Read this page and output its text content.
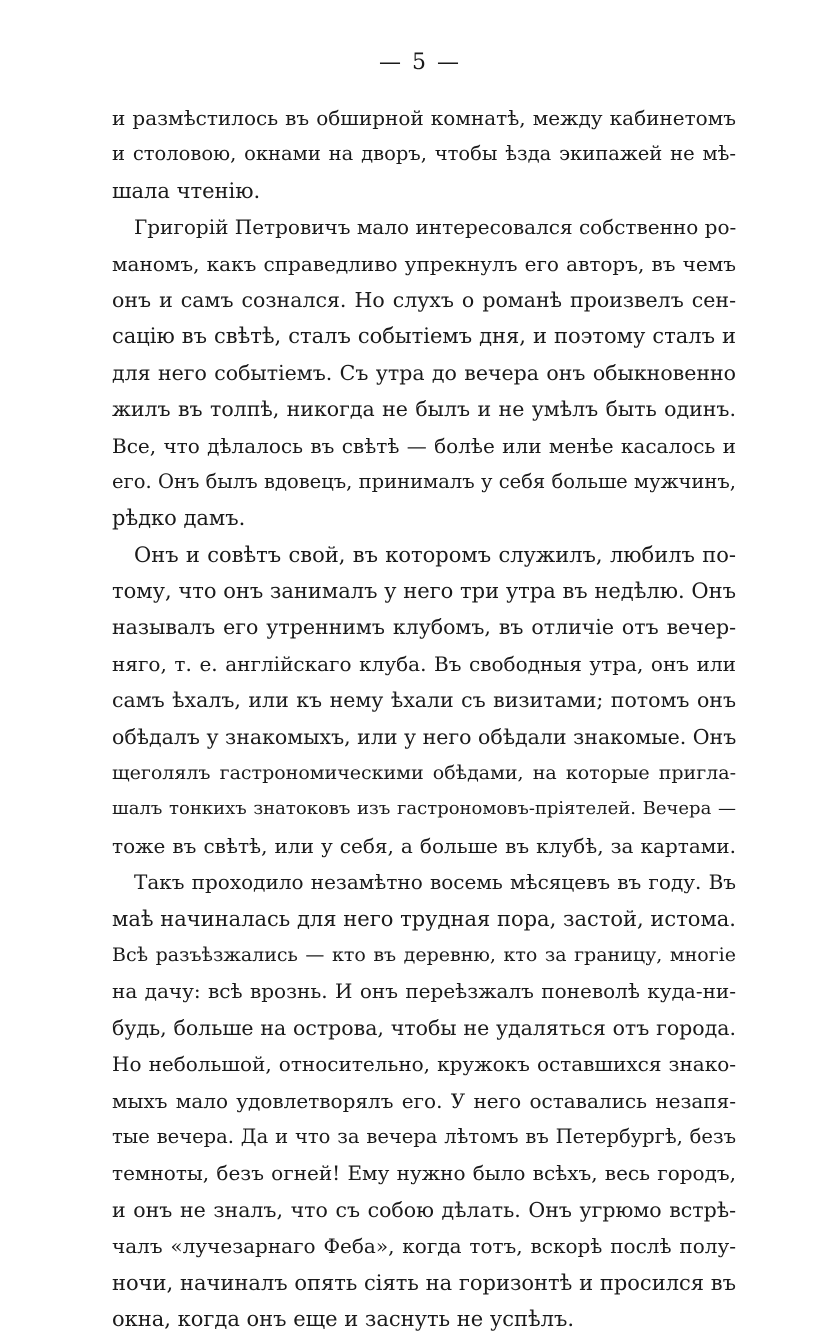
— 5 —
и размѣстилось въ обширной комнатѣ, между кабинетомъ
и столовою, окнами на дворъ, чтобы ѣзда экипажей не мѣ-
шала чтенію.
Григорій Петровичъ мало интересовался собственно ро-
маномъ, какъ справедливо упрекнулъ его авторъ, въ чемъ
онъ и самъ сознался. Но слухъ о романѣ произвелъ сен-
сацію въ свѣтѣ, сталъ событіемъ дня, и поэтому сталъ и
для него событіемъ. Съ утра до вечера онъ обыкновенно
жилъ въ толпѣ, никогда не былъ и не умѣлъ быть одинъ.
Все, что дѣлалось въ свѣтѣ — болѣе или менѣе касалось и
его. Онъ былъ вдовецъ, принималъ у себя больше мужчинъ,
рѣдко дамъ.
Онъ и совѣтъ свой, въ которомъ служилъ, любилъ по-
тому, что онъ занималъ у него три утра въ недѣлю. Онъ
называлъ его утреннимъ клубомъ, въ отличіе отъ вечер-
няго, т. е. англійскаго клуба. Въ свободныя утра, онъ или
самъ ѣхалъ, или къ нему ѣхали съ визитами; потомъ онъ
обѣдалъ у знакомыхъ, или у него обѣдали знакомые. Онъ
щеголялъ гастрономическими обѣдами, на которые пригла-
шалъ тонкихъ знатоковъ изъ гастрономовъ-пріятелей. Вечера —
тоже въ свѣтѣ, или у себя, а больше въ клубѣ, за картами.
Такъ проходило незамѣтно восемь мѣсяцевъ въ году. Въ
маѣ начиналась для него трудная пора, застой, истома.
Всѣ разъѣзжались — кто въ деревню, кто за границу, многіе
на дачу: всѣ врознь. И онъ переѣзжалъ поневолѣ куда-ни-
будь, больше на острова, чтобы не удаляться отъ города.
Но небольшой, относительно, кружокъ оставшихся знако-
мыхъ мало удовлетворялъ его. У него оставались незапя-
тые вечера. Да и что за вечера лѣтомъ въ Петербургѣ, безъ
темноты, безъ огней! Ему нужно было всѣхъ, весь городъ,
и онъ не зналъ, что съ собою дѣлать. Онъ угрюмо встрѣ-
чалъ «лучезарнаго Феба», когда тотъ, вскорѣ послѣ полу-
ночи, начиналъ опять сіять на горизонтѣ и просился въ
окна, когда онъ еще и заснуть не успѣлъ.
